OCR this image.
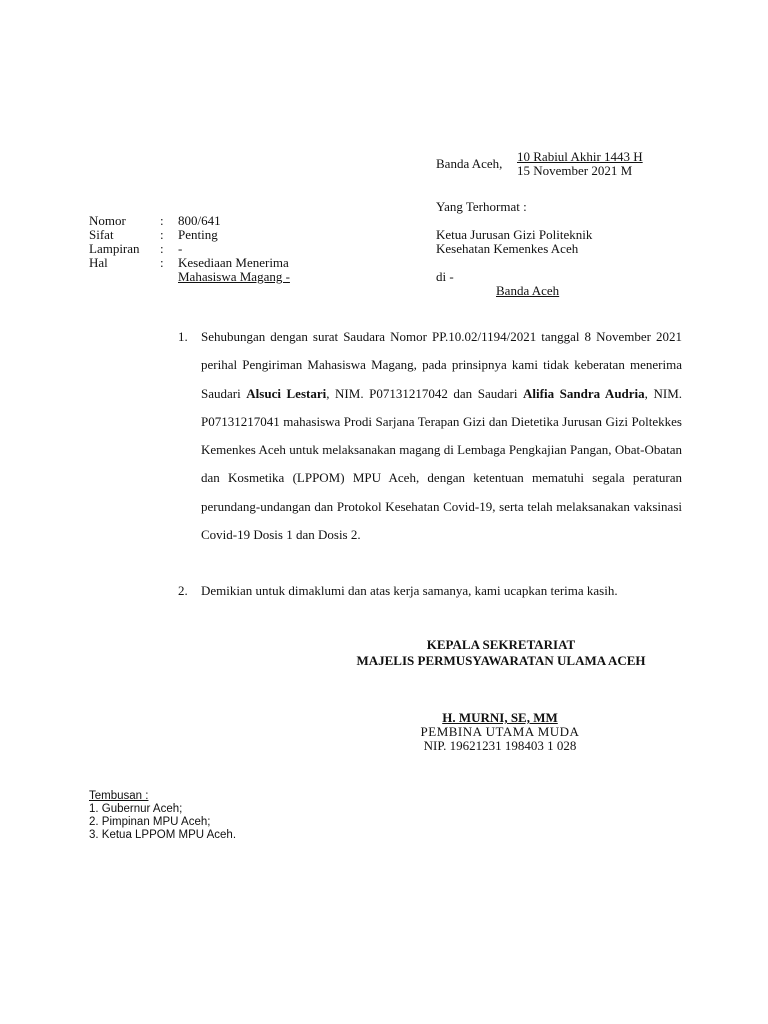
Banda Aceh, 10 Rabiul Akhir 1443 H
15 November 2021 M
Yang Terhormat :
Ketua Jurusan Gizi Politeknik
Kesehatan Kemenkes Aceh
di -
Banda Aceh
Nomor	: 800/641
Sifat	: Penting
Lampiran : -
Hal	: Kesediaan Menerima
Mahasiswa Magang -
1. Sehubungan dengan surat Saudara Nomor PP.10.02/1194/2021 tanggal 8 November 2021 perihal Pengiriman Mahasiswa Magang, pada prinsipnya kami tidak keberatan menerima Saudari Alsuci Lestari, NIM. P07131217042 dan Saudari Alifia Sandra Audria, NIM. P07131217041 mahasiswa Prodi Sarjana Terapan Gizi dan Dietetika Jurusan Gizi Poltekkes Kemenkes Aceh untuk melaksanakan magang di Lembaga Pengkajian Pangan, Obat-Obatan dan Kosmetika (LPPOM) MPU Aceh, dengan ketentuan mematuhi segala peraturan perundang-undangan dan Protokol Kesehatan Covid-19, serta telah melaksanakan vaksinasi Covid-19 Dosis 1 dan Dosis 2.
2. Demikian untuk dimaklumi dan atas kerja samanya, kami ucapkan terima kasih.
KEPALA SEKRETARIAT
MAJELIS PERMUSYAWARATAN ULAMA ACEH
H. MURNI, SE, MM
PEMBINA UTAMA MUDA
NIP. 19621231 198403 1 028
Tembusan :
1. Gubernur Aceh;
2. Pimpinan MPU Aceh;
3. Ketua LPPOM MPU Aceh.
